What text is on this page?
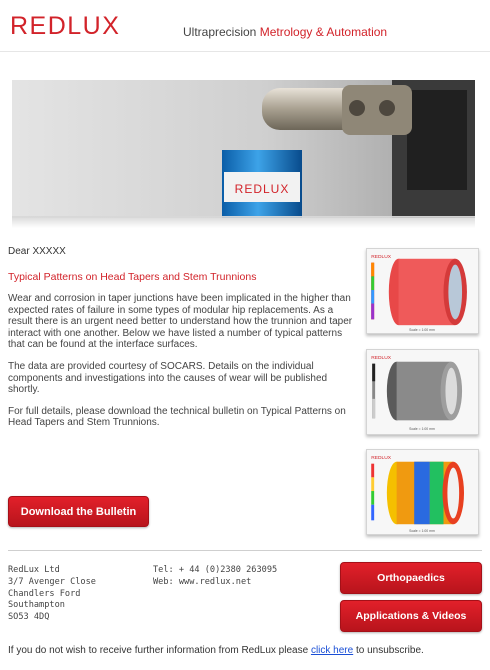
REDLUX	Ultraprecision Metrology & Automation
REDLUX
Dear XXXXX
Typical Patterns on Head Tapers and Stem Trunnions

Wear and corrosion in taper junctions have been implicated in the higher than expected rates of failure in some types of modular hip replacements. As a result there is an urgent need better to understand how the trunnion and taper interact with one another. Below we have listed a number of typical patterns that can be found at the interface surfaces.

The data are provided courtesy of SOCARS. Details on the individual components and investigations into the causes of wear will be published shortly.

For full details, please download the technical bulletin on Typical Patterns on Head Tapers and Stem Trunnions.

Download the Bulletin
REDLUX
Scale = 1:00 mm
REDLUX
Scale = 1:00 mm
REDLUX
Scale = 1:00 mm
RedLux Ltd
3/7 Avenger Close
Chandlers Ford
Southampton
SO53 4DQ
Tel: + 44 (0)2380 263095
Web: www.redlux.net	Orthopaedics
Applications & Videos
If you do not wish to receive further information from RedLux please click here to unsubscribe.
